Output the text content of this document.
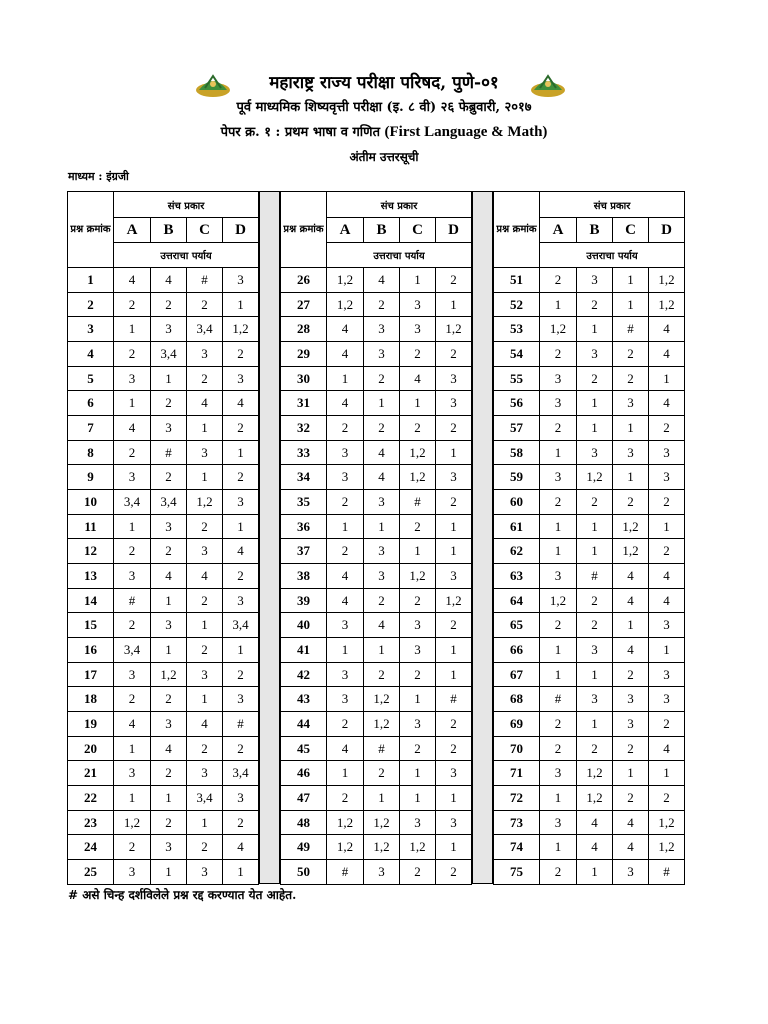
महाराष्ट्र राज्य परीक्षा परिषद, पुणे-०१
पूर्व माध्यमिक शिष्यवृत्ती परीक्षा (इ. ८ वी) २६ फेब्रुवारी, २०१७
पेपर क्र. १ : प्रथम भाषा व गणित (First Language & Math)
अंतीम उत्तरसूची
माध्यम : इंग्रजी
प्रश्न क्रमांक	संच प्रकार			
	A	B	C	D
	उत्तराचा पर्याय			
1	4	4	#	3
2	2	2	2	1
3	1	3	3,4	1,2
4	2	3,4	3	2
5	3	1	2	3
6	1	2	4	4
7	4	3	1	2
8	2	#	3	1
9	3	2	1	2
10	3,4	3,4	1,2	3
11	1	3	2	1
12	2	2	3	4
13	3	4	4	2
14	#	1	2	3
15	2	3	1	3,4
16	3,4	1	2	1
17	3	1,2	3	2
18	2	2	1	3
19	4	3	4	#
20	1	4	2	2
21	3	2	3	3,4
22	1	1	3,4	3
23	1,2	2	1	2
24	2	3	2	4
25	3	1	3	1
प्रश्न क्रमांक	संच प्रकार			
	A	B	C	D
	उत्तराचा पर्याय			
26	1,2	4	1	2
27	1,2	2	3	1
28	4	3	3	1,2
29	4	3	2	2
30	1	2	4	3
31	4	1	1	3
32	2	2	2	2
33	3	4	1,2	1
34	3	4	1,2	3
35	2	3	#	2
36	1	1	2	1
37	2	3	1	1
38	4	3	1,2	3
39	4	2	2	1,2
40	3	4	3	2
41	1	1	3	1
42	3	2	2	1
43	3	1,2	1	#
44	2	1,2	3	2
45	4	#	2	2
46	1	2	1	3
47	2	1	1	1
48	1,2	1,2	3	3
49	1,2	1,2	1,2	1
50	#	3	2	2
प्रश्न क्रमांक	संच प्रकार			
	A	B	C	D
	उत्तराचा पर्याय			
51	2	3	1	1,2
52	1	2	1	1,2
53	1,2	1	#	4
54	2	3	2	4
55	3	2	2	1
56	3	1	3	4
57	2	1	1	2
58	1	3	3	3
59	3	1,2	1	3
60	2	2	2	2
61	1	1	1,2	1
62	1	1	1,2	2
63	3	#	4	4
64	1,2	2	4	4
65	2	2	1	3
66	1	3	4	1
67	1	1	2	3
68	#	3	3	3
69	2	1	3	2
70	2	2	2	4
71	3	1,2	1	1
72	1	1,2	2	2
73	3	4	4	1,2
74	1	4	4	1,2
75	2	1	3	#
# असे चिन्ह दर्शविलेले प्रश्न रद्द करण्यात येत आहेत.
